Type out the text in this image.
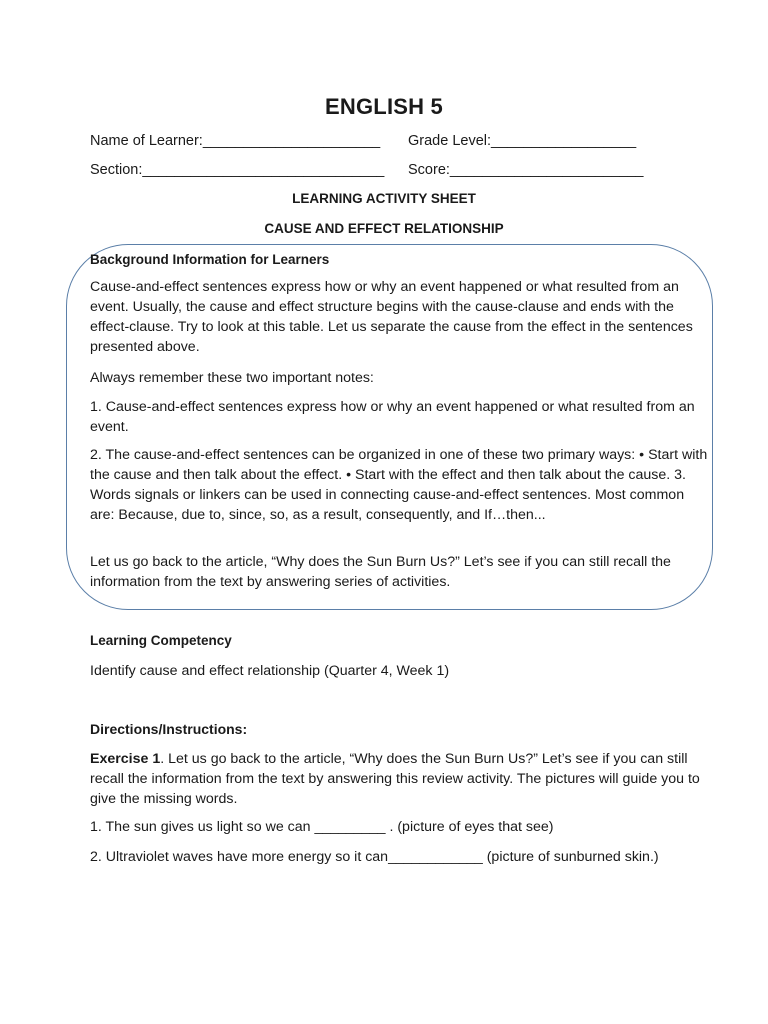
ENGLISH 5
Name of Learner:______________________	Grade Level:__________________
Section:______________________________	Score:________________________
LEARNING ACTIVITY SHEET
CAUSE AND EFFECT RELATIONSHIP
Background Information for Learners
Cause-and-effect sentences express how or why an event happened or what resulted from an event. Usually, the cause and effect structure begins with the cause-clause and ends with the effect-clause. Try to look at this table. Let us separate the cause from the effect in the sentences presented above.
Always remember these two important notes:
1. Cause-and-effect sentences express how or why an event happened or what resulted from an event.
2. The cause-and-effect sentences can be organized in one of these two primary ways: • Start with the cause and then talk about the effect. • Start with the effect and then talk about the cause. 3. Words signals or linkers can be used in connecting cause-and-effect sentences. Most common are: Because, due to, since, so, as a result, consequently, and If…then...
Let us go back to the article, “Why does the Sun Burn Us?” Let’s see if you can still recall the information from the text by answering series of activities.
Learning Competency
Identify cause and effect relationship (Quarter 4, Week 1)
Directions/Instructions:
Exercise 1. Let us go back to the article, “Why does the Sun Burn Us?” Let’s see if you can still recall the information from the text by answering this review activity. The pictures will guide you to give the missing words.
1. The sun gives us light so we can _________ . (picture of eyes that see)
2. Ultraviolet waves have more energy so it can____________ (picture of sunburned skin.)
